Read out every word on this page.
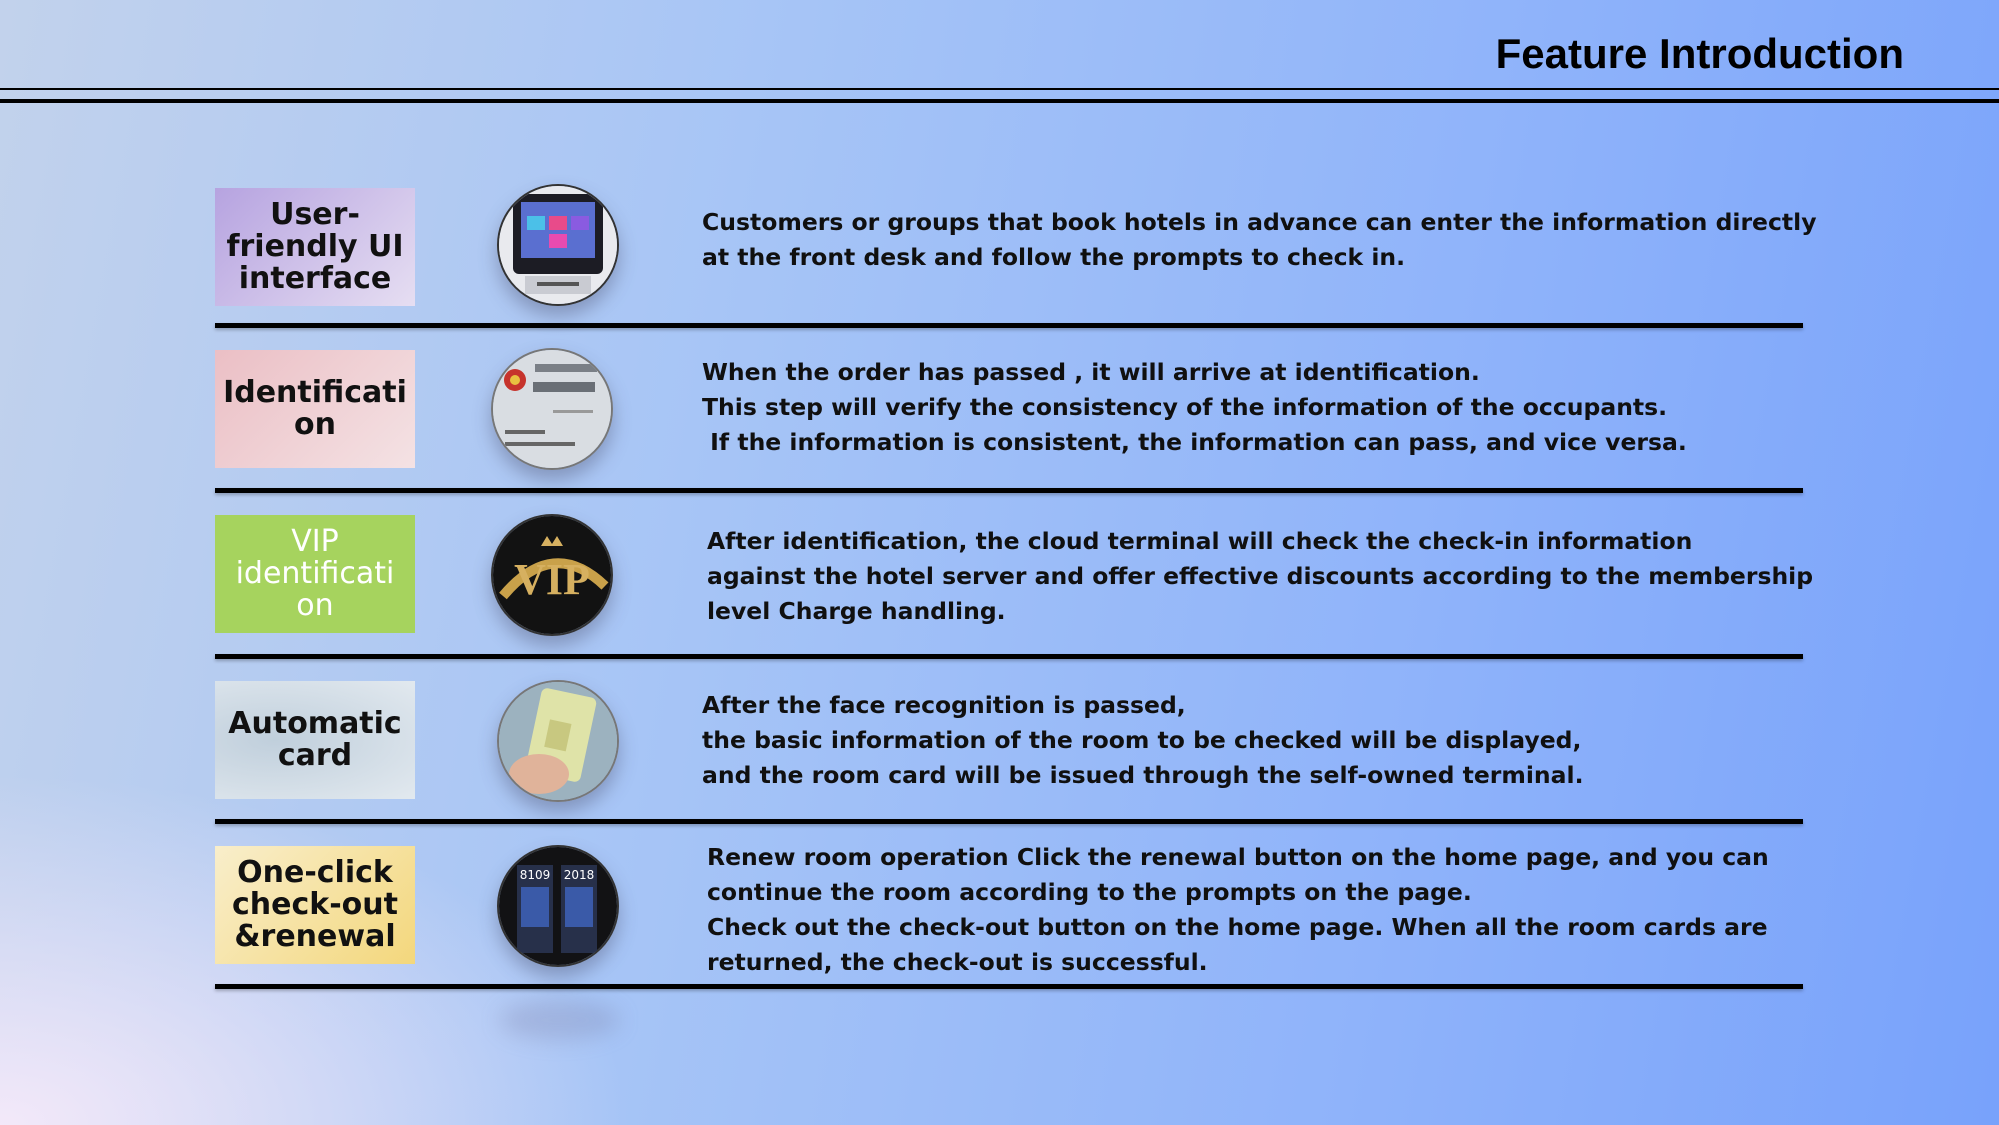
Feature Introduction
User-
friendly UI
interface
Customers or groups that book hotels in advance can enter the information directly
at the front desk and follow the prompts to check in.
Identificati
on
When the order has passed , it will arrive at identification.
This step will verify the consistency of the information of the occupants.
If the information is consistent, the information can pass, and vice versa.
VIP
identificati
on
VIP
After identification, the cloud terminal will check the check-in information
against the hotel server and offer effective discounts according to the membership
level Charge handling.
Automatic
card
After the face recognition is passed,
the basic information of the room to be checked will be displayed,
and the room card will be issued through the self-owned terminal.
One-click
check-out
&renewal
8109 2018
Renew room operation Click the renewal button on the home page, and you can
continue the room according to the prompts on the page.
Check out the check-out button on the home page. When all the room cards are
returned, the check-out is successful.
